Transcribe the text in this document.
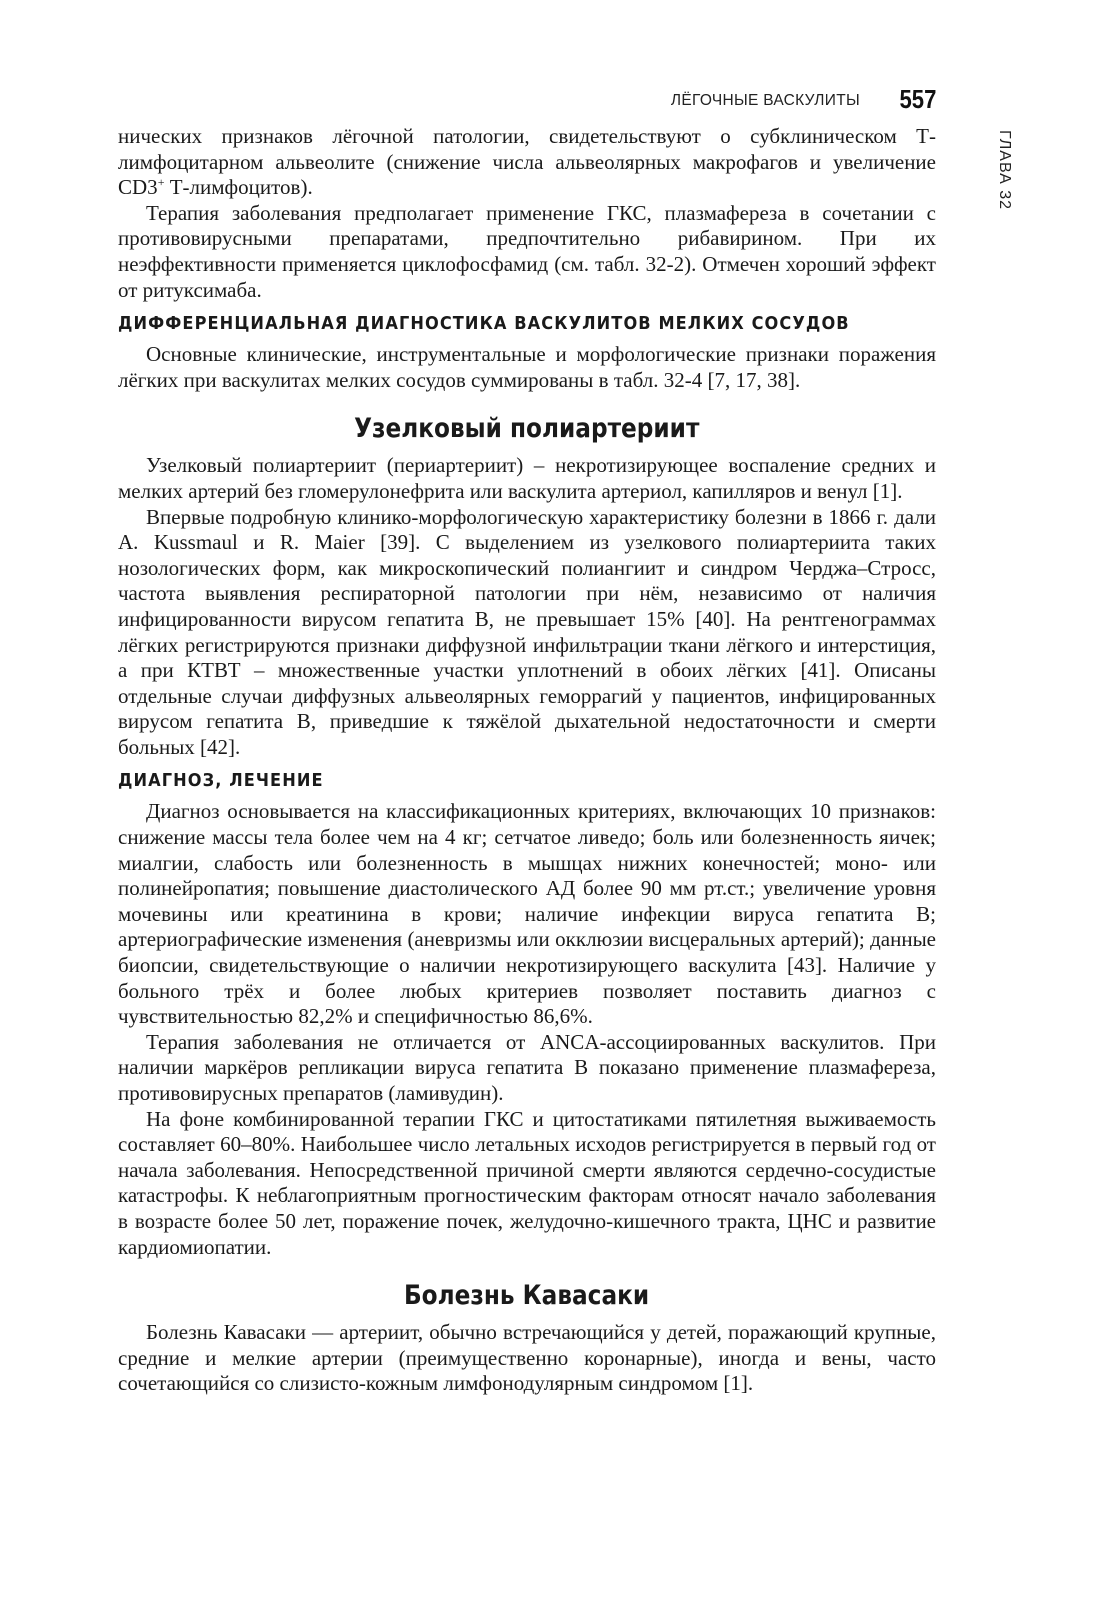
ЛЁГОЧНЫЕ ВАСКУЛИТЫ 557
ГЛАВА 32

нических признаков лёгочной патологии, свидетельствуют о субклиническом Т-лимфоцитарном альвеолите (снижение числа альвеолярных макрофагов и увеличение CD3+ Т-лимфоцитов).

Терапия заболевания предполагает применение ГКС, плазмафереза в сочетании с противовирусными препаратами, предпочтительно рибавирином. При их неэффективности применяется циклофосфамид (см. табл. 32-2). Отмечен хороший эффект от ритуксимаба.

ДИФФЕРЕНЦИАЛЬНАЯ ДИАГНОСТИКА ВАСКУЛИТОВ МЕЛКИХ СОСУДОВ

Основные клинические, инструментальные и морфологические признаки поражения лёгких при васкулитах мелких сосудов суммированы в табл. 32-4 [7, 17, 38].

Узелковый полиартериит

Узелковый полиартериит (периартериит) – некротизирующее воспаление средних и мелких артерий без гломерулонефрита или васкулита артериол, капилляров и венул [1].

Впервые подробную клинико-морфологическую характеристику болезни в 1866 г. дали A. Kussmaul и R. Maier [39]. С выделением из узелкового полиартериита таких нозологических форм, как микроскопический полиангиит и синдром Черджа–Стросс, частота выявления респираторной патологии при нём, независимо от наличия инфицированности вирусом гепатита В, не превышает 15% [40]. На рентгенограммах лёгких регистрируются признаки диффузной инфильтрации ткани лёгкого и интерстиция, а при КТВТ – множественные участки уплотнений в обоих лёгких [41]. Описаны отдельные случаи диффузных альвеолярных геморрагий у пациентов, инфицированных вирусом гепатита В, приведшие к тяжёлой дыхательной недостаточности и смерти больных [42].

ДИАГНОЗ, ЛЕЧЕНИЕ

Диагноз основывается на классификационных критериях, включающих 10 признаков: снижение массы тела более чем на 4 кг; сетчатое ливедо; боль или болезненность яичек; миалгии, слабость или болезненность в мышцах нижних конечностей; моно- или полинейропатия; повышение диастолического АД более 90 мм рт.ст.; увеличение уровня мочевины или креатинина в крови; наличие инфекции вируса гепатита В; артериографические изменения (аневризмы или окклюзии висцеральных артерий); данные биопсии, свидетельствующие о наличии некротизирующего васкулита [43]. Наличие у больного трёх и более любых критериев позволяет поставить диагноз с чувствительностью 82,2% и специфичностью 86,6%.

Терапия заболевания не отличается от ANCA-ассоциированных васкулитов. При наличии маркёров репликации вируса гепатита В показано применение плазмафереза, противовирусных препаратов (ламивудин).

На фоне комбинированной терапии ГКС и цитостатиками пятилетняя выживаемость составляет 60–80%. Наибольшее число летальных исходов регистрируется в первый год от начала заболевания. Непосредственной причиной смерти являются сердечно-сосудистые катастрофы. К неблагоприятным прогностическим факторам относят начало заболевания в возрасте более 50 лет, поражение почек, желудочно-кишечного тракта, ЦНС и развитие кардиомиопатии.

Болезнь Кавасаки

Болезнь Кавасаки — артериит, обычно встречающийся у детей, поражающий крупные, средние и мелкие артерии (преимущественно коронарные), иногда и вены, часто сочетающийся со слизисто-кожным лимфонодулярным синдромом [1].
